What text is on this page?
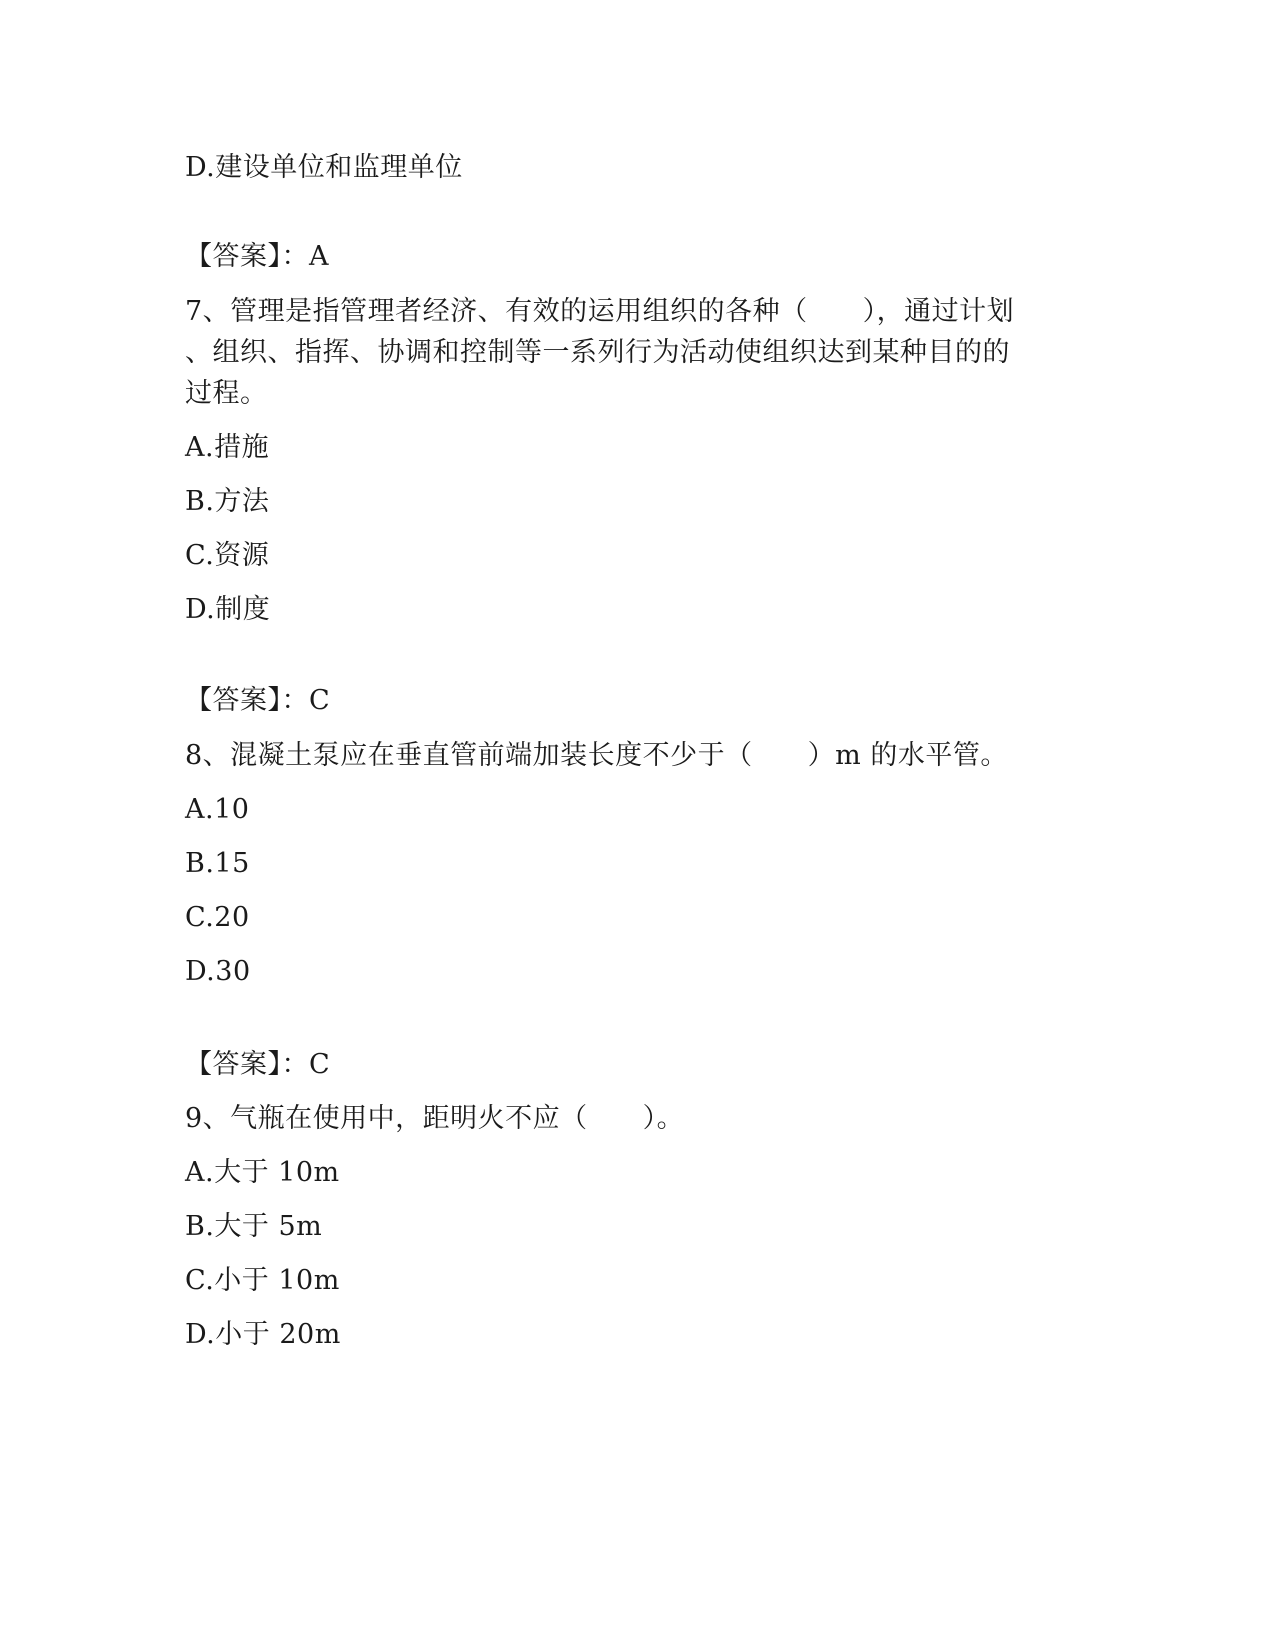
D.建设单位和监理单位
【答案】：A
7、管理是指管理者经济、有效的运用组织的各种（　　），通过计划
、组织、指挥、协调和控制等一系列行为活动使组织达到某种目的的
过程。
A.措施
B.方法
C.资源
D.制度
【答案】：C
8、混凝土泵应在垂直管前端加装长度不少于（　　）m 的水平管。
A.10
B.15
C.20
D.30
【答案】：C
9、气瓶在使用中，距明火不应（　　）。
A.大于 10m
B.大于 5m
C.小于 10m
D.小于 20m
